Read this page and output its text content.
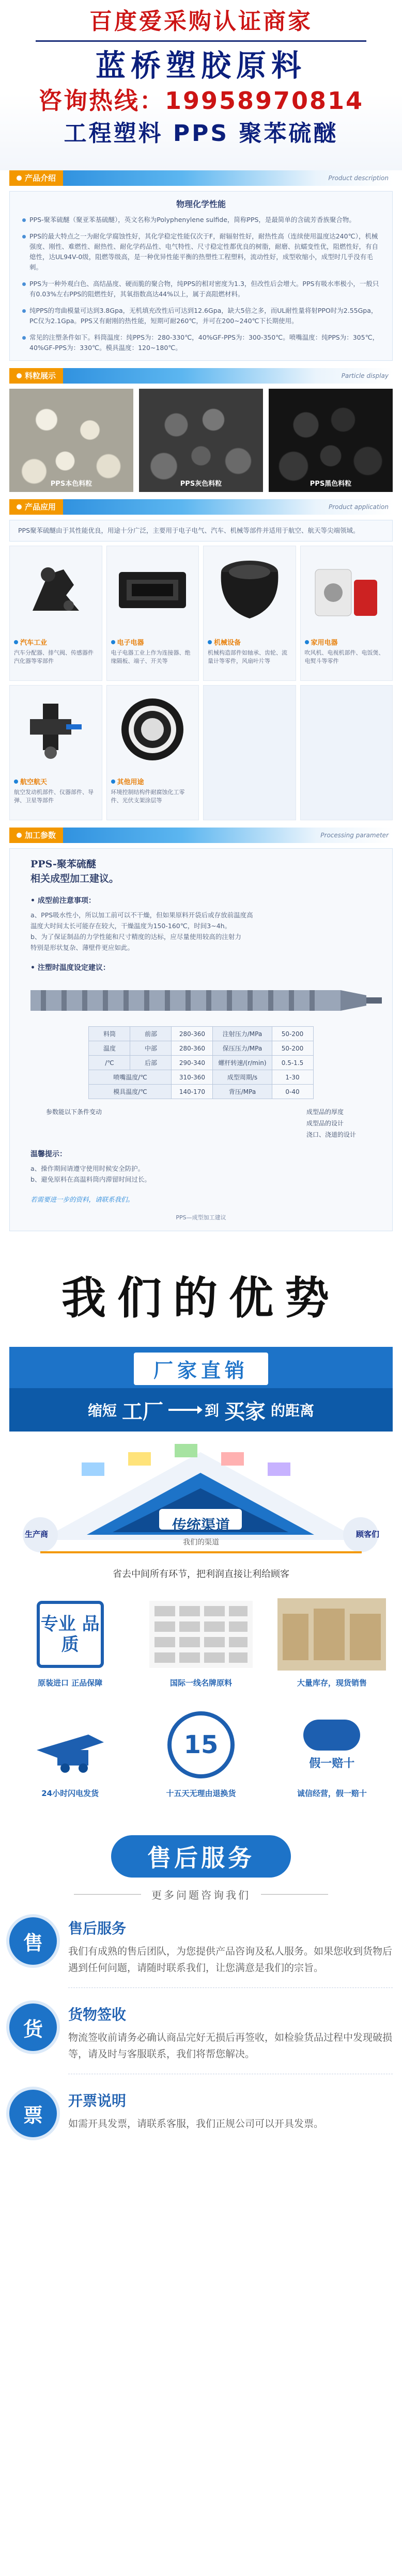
百度爱采购认证商家
蓝桥塑胶原料
咨询热线：19958970814
工程塑料 PPS 聚苯硫醚
产品介绍	Product description
物理化学性能
PPS-聚苯硫醚（聚亚苯基硫醚），英文名称为Polyphenylene sulfide，简称PPS，是最简单的含硫芳香族聚合物。
PPS的最大特点之一为耐化学腐蚀性好，其化学稳定性能仅次于F，耐辐射性好，耐热性高（连续使用温度达240℃），机械强度、刚性、难燃性、耐热性、耐化学药品性、电气特性、尺寸稳定性都优良的树脂，耐磨、抗蠕变性优，阻燃性好，有自熄性，达UL94V-0级，阻燃等级高，是一种优异性能平衡的热塑性工程塑料，流动性好，成型收缩小，成型时几乎没有毛刺。
PPS为一种外观白色、高结晶度、硬而脆的聚合物，纯PPS的相对密度为1.3，但改性后会增大。PPS有吸水率极小，一般只有0.03%左右PPS的阻燃性好，其氧指数高达44%以上，属于高阻燃材料。
纯PPS的弯曲模量可达到3.8Gpa，无机填充改性后可达到12.6Gpa，缺大5倍之多，而UL耐性量将射PPO时为2.55Gpa，PC仅为2.1Gpa。PPS又有耐刚的热性能，短期可耐260℃，并可在200~240℃下长期使用。
常见的注塑条件如下。料筒温度：纯PPS为：280-330℃，40%GF-PPS为：300-350℃。喷嘴温度：纯PPS为：305℃，40%GF-PPS为：330℃。模具温度：120~180℃。
料粒展示	Particle display
PPS本色料粒	PPS灰色料粒	PPS黑色料粒
产品应用	Product application
PPS聚苯硫醚由于其性能优良，用途十分广泛，主要用于电子电气、汽车、机械等部件并适用于航空、航天等尖端领域。
汽车工业
汽车分配器、排气阀、传感器件汽化器等零部件
电子电器
电子电器工业上作为连接器、绝缘隔板、端子、开关等
机械设备
机械构造部件如轴承、齿轮、流量计等零件，风扇叶片等
家用电器
吹风机、电视机部件、电饭煲、电熨斗等零件
航空航天
航空发动机部件、仪器部件、导弹、卫星等部件
其他用途
环境控制结构件耐腐蚀化工零件、光伏支架涂层等
加工参数	Processing parameter
PPS-聚苯硫醚
相关成型加工建议。
• 成型前注意事项：
a、PPS吸水性小，所以加工前可以不干燥，但如果原料开袋后或存放前温度高
温度大时间太长可能存在较大，干燥温度为150-160℃，时间3~4h。
b、为了保证制品的力学性能和尺寸精度的达标，应尽量使用较高的注射力
特别是形状复杂、薄壁件更应如此。
• 注塑时温度设定建议：
料筒	前部	280-360	注射压力/MPa	50-200
温度	中部	280-360	保压压力/MPa	50-200
/℃	后部	290-340	螺杆转速/(r/min)	0.5-1.5
喷嘴温度/℃		310-360	成型周期/s	1-30
模具温度/℃		140-170	背压/MPa	0-40
参数能以下条件变动	成型品的厚度
成型品的设计
浇口、浇道的设计
温馨提示：
a、操作期间请遵守使用时候安全防护。
b、避免原料在高温料筒内滞留时间过长。
若需要进一步的资料，请联系我们。
PPS—成型加工建议
我们的优势
厂家直销
缩短 工厂	到 买家 的距离
生产商	顾客们
Traditional channel
传统渠道
我们的渠道
省去中间所有环节，把利润直接让利给顾客
专业 品质
原装进口 正品保障	国际一线名牌原料	大量库存，现货销售
24小时闪电发货
15
十五天无理由退换货
假一赔十
诚信经营，假一赔十
售后服务
更多问题咨询我们
售
售后服务
我们有成熟的售后团队，为您提供产品咨询及私人服务。如果您收到货物后遇到任何问题，请随时联系我们，让您满意是我们的宗旨。
货
货物签收
物流签收前请务必确认商品完好无损后再签收，如检验货品过程中发现破损等，请及时与客服联系，我们将帮您解决。
票
开票说明
如需开具发票，请联系客服，我们正规公司可以开具发票。
